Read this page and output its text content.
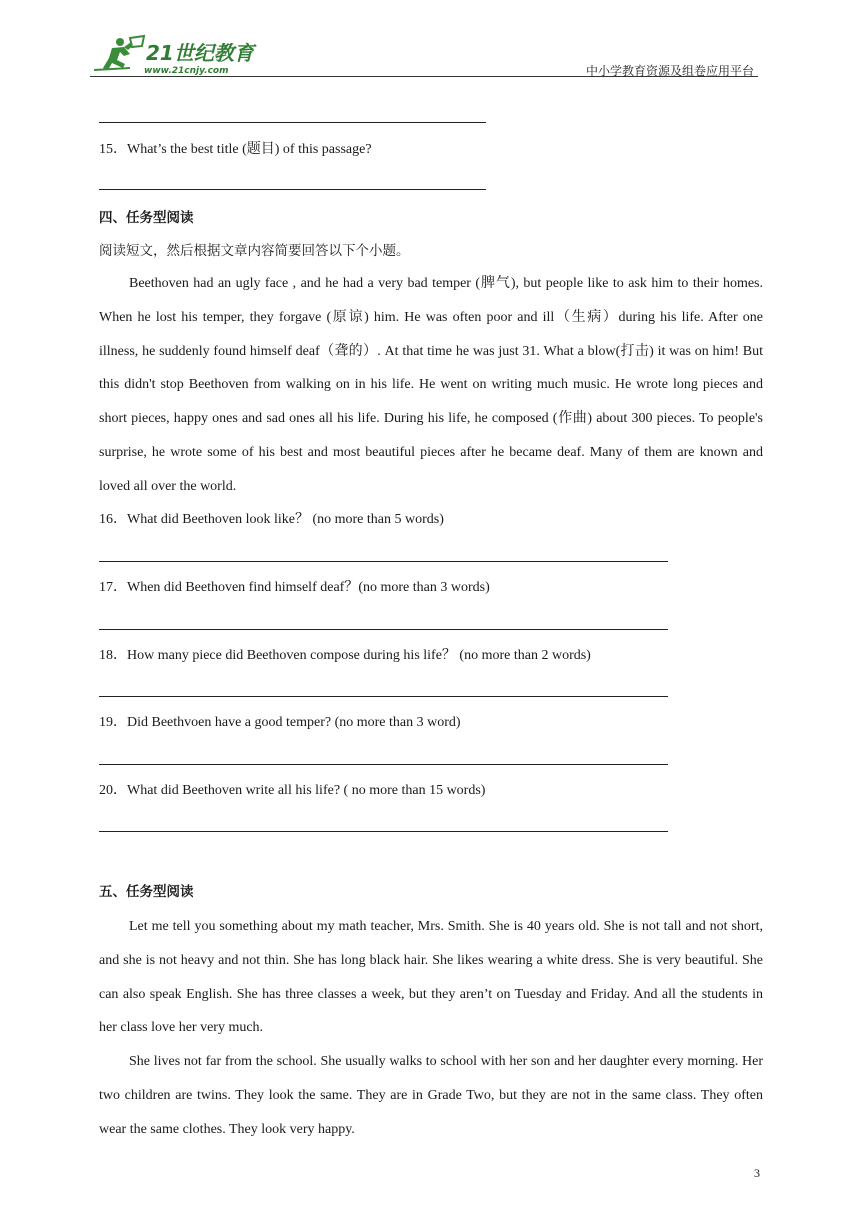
21世纪教育
www.21cnjy.com	中小学教育资源及组卷应用平台
15．What’s the best title (题目) of this passage?
四、任务型阅读
阅读短文，然后根据文章内容简要回答以下个小题。
Beethoven had an ugly face , and he had a very bad temper (脾气), but people like to ask him to their homes. When he lost his temper, they forgave (原谅) him. He was often poor and ill（生病）during his life. After one illness, he suddenly found himself deaf（聋的）. At that time he was just 31. What a blow(打击) it was on him! But this didn't stop Beethoven from walking on in his life. He went on writing much music. He wrote long pieces and short pieces, happy ones and sad ones all his life. During his life, he composed (作曲) about 300 pieces. To people's surprise, he wrote some of his best and most beautiful pieces after he became deaf. Many of them are known and loved all over the world.
16．What did Beethoven look like？ (no more than 5 words)
17．When did Beethoven find himself deaf？(no more than 3 words)
18．How many piece did Beethoven compose during his life？ (no more than 2 words)
19．Did Beethvoen have a good temper? (no more than 3 word)
20．What did Beethoven write all his life? ( no more than 15 words)
五、任务型阅读
Let me tell you something about my math teacher, Mrs. Smith. She is 40 years old. She is not tall and not short, and she is not heavy and not thin. She has long black hair. She likes wearing a white dress. She is very beautiful. She can also speak English. She has three classes a week, but they aren’t on Tuesday and Friday. And all the students in her class love her very much.
She lives not far from the school. She usually walks to school with her son and her daughter every morning. Her two children are twins. They look the same. They are in Grade Two, but they are not in the same class. They often wear the same clothes. They look very happy.
3
